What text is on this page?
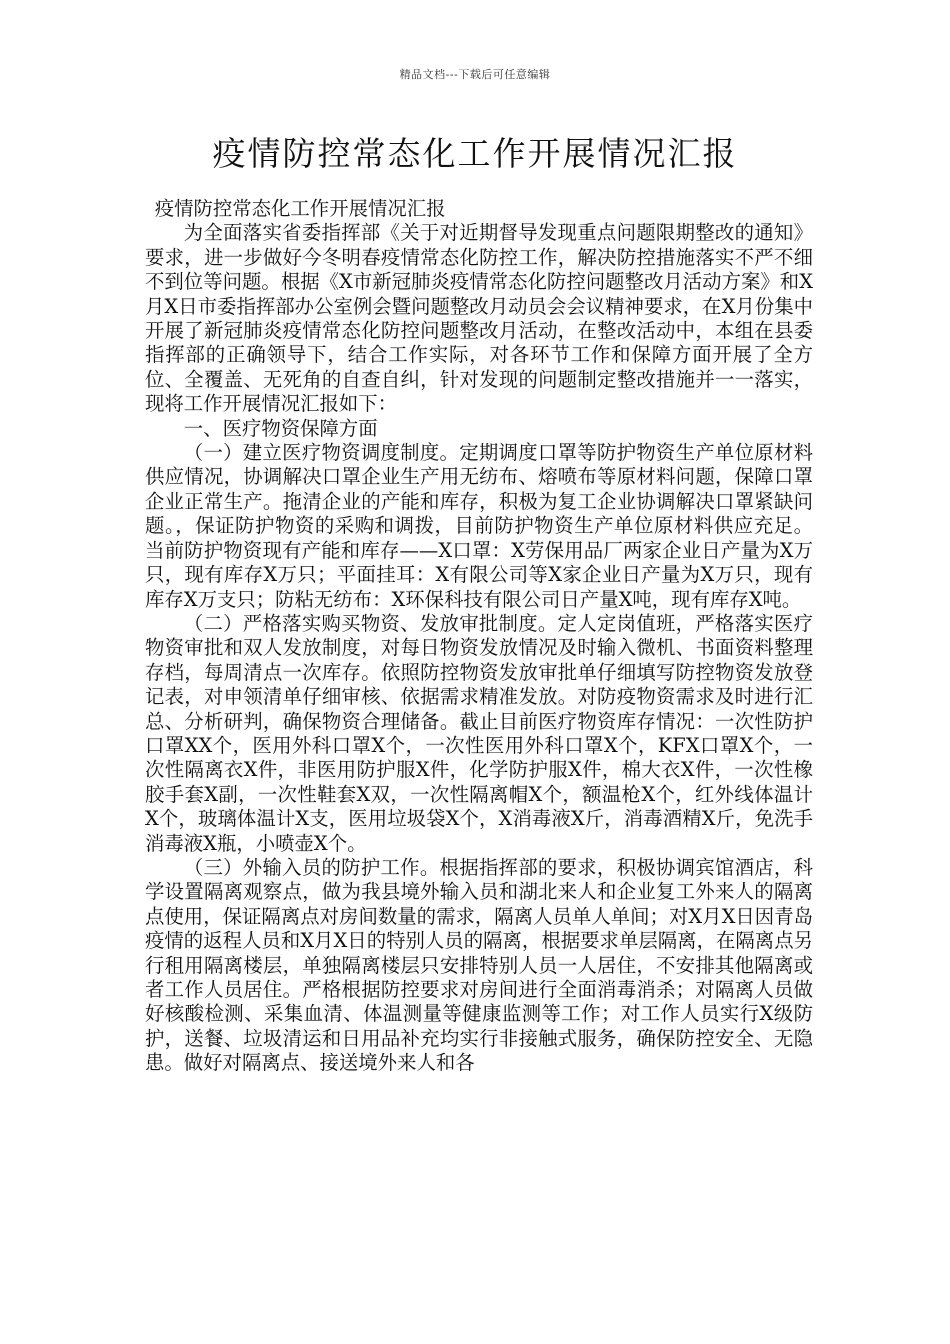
精品文档---下载后可任意编辑
疫情防控常态化工作开展情况汇报

疫情防控常态化工作开展情况汇报

为全面落实省委指挥部《关于对近期督导发现重点问题限期整改的通知》要求，进一步做好今冬明春疫情常态化防控工作，解决防控措施落实不严不细不到位等问题。根据《X市新冠肺炎疫情常态化防控问题整改月活动方案》和X月X日市委指挥部办公室例会暨问题整改月动员会会议精神要求，在X月份集中开展了新冠肺炎疫情常态化防控问题整改月活动，在整改活动中，本组在县委指挥部的正确领导下，结合工作实际，对各环节工作和保障方面开展了全方位、全覆盖、无死角的自查自纠，针对发现的问题制定整改措施并一一落实，现将工作开展情况汇报如下：

一、医疗物资保障方面

（一）建立医疗物资调度制度。定期调度口罩等防护物资生产单位原材料供应情况，协调解决口罩企业生产用无纺布、熔喷布等原材料问题，保障口罩企业正常生产。拖清企业的产能和库存，积极为复工企业协调解决口罩紧缺问题。，保证防护物资的采购和调拨，目前防护物资生产单位原材料供应充足。当前防护物资现有产能和库存——X口罩：X劳保用品厂两家企业日产量为X万只，现有库存X万只；平面挂耳：X有限公司等X家企业日产量为X万只，现有库存X万支只；防粘无纺布：X环保科技有限公司日产量X吨，现有库存X吨。

（二）严格落实购买物资、发放审批制度。定人定岗值班，严格落实医疗物资审批和双人发放制度，对每日物资发放情况及时输入微机、书面资料整理存档，每周清点一次库存。依照防控物资发放审批单仔细填写防控物资发放登记表，对申领清单仔细审核、依据需求精准发放。对防疫物资需求及时进行汇总、分析研判，确保物资合理储备。截止目前医疗物资库存情况：一次性防护口罩XX个，医用外科口罩X个，一次性医用外科口罩X个，KFX口罩X个，一次性隔离衣X件，非医用防护服X件，化学防护服X件，棉大衣X件，一次性橡胶手套X副，一次性鞋套X双，一次性隔离帽X个，额温枪X个，红外线体温计X个，玻璃体温计X支，医用垃圾袋X个，X消毒液X斤，消毒酒精X斤，免洗手消毒液X瓶，小喷壶X个。

（三）外输入员的防护工作。根据指挥部的要求，积极协调宾馆酒店，科学设置隔离观察点，做为我县境外输入员和湖北来人和企业复工外来人的隔离点使用，保证隔离点对房间数量的需求，隔离人员单人单间；对X月X日因青岛疫情的返程人员和X月X日的特别人员的隔离，根据要求单层隔离，在隔离点另行租用隔离楼层，单独隔离楼层只安排特别人员一人居住，不安排其他隔离或者工作人员居住。严格根据防控要求对房间进行全面消毒消杀；对隔离人员做好核酸检测、采集血清、体温测量等健康监测等工作；对工作人员实行X级防护，送餐、垃圾清运和日用品补充均实行非接触式服务，确保防控安全、无隐患。做好对隔离点、接送境外来人和各
